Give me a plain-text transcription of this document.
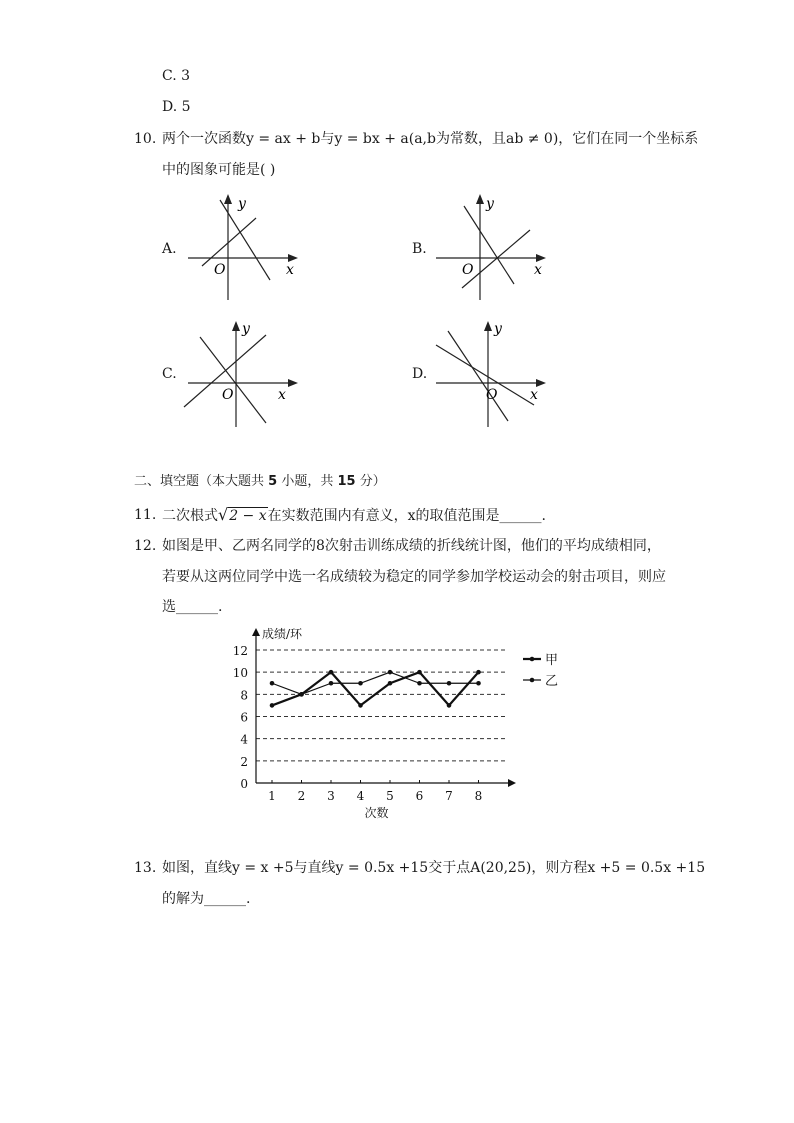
C. 3
D. 5
10. 两个一次函数y = ax + b与y = bx + a(a,b为常数，且ab ≠ 0)，它们在同一个坐标系
中的图象可能是( )
A.
y
x
O
B.
y
x
O
C.
y
x
O
D.
y
x
O
二、填空题（本大题共 5 小题，共 15 分）
11. 二次根式√2 − x在实数范围内有意义，x的取值范围是______.
12. 如图是甲、乙两名同学的8次射击训练成绩的折线统计图，他们的平均成绩相同，
若要从这两位同学中选一名成绩较为稳定的同学参加学校运动会的射击项目，则应
选______.
0
2
4
6
8
10
12
1 2 3 4 5 6 7 8
成绩/环
次数
甲
乙
13. 如图，直线y = x +5与直线y = 0.5x +15交于点A(20,25)，则方程x +5 = 0.5x +15
的解为______.
